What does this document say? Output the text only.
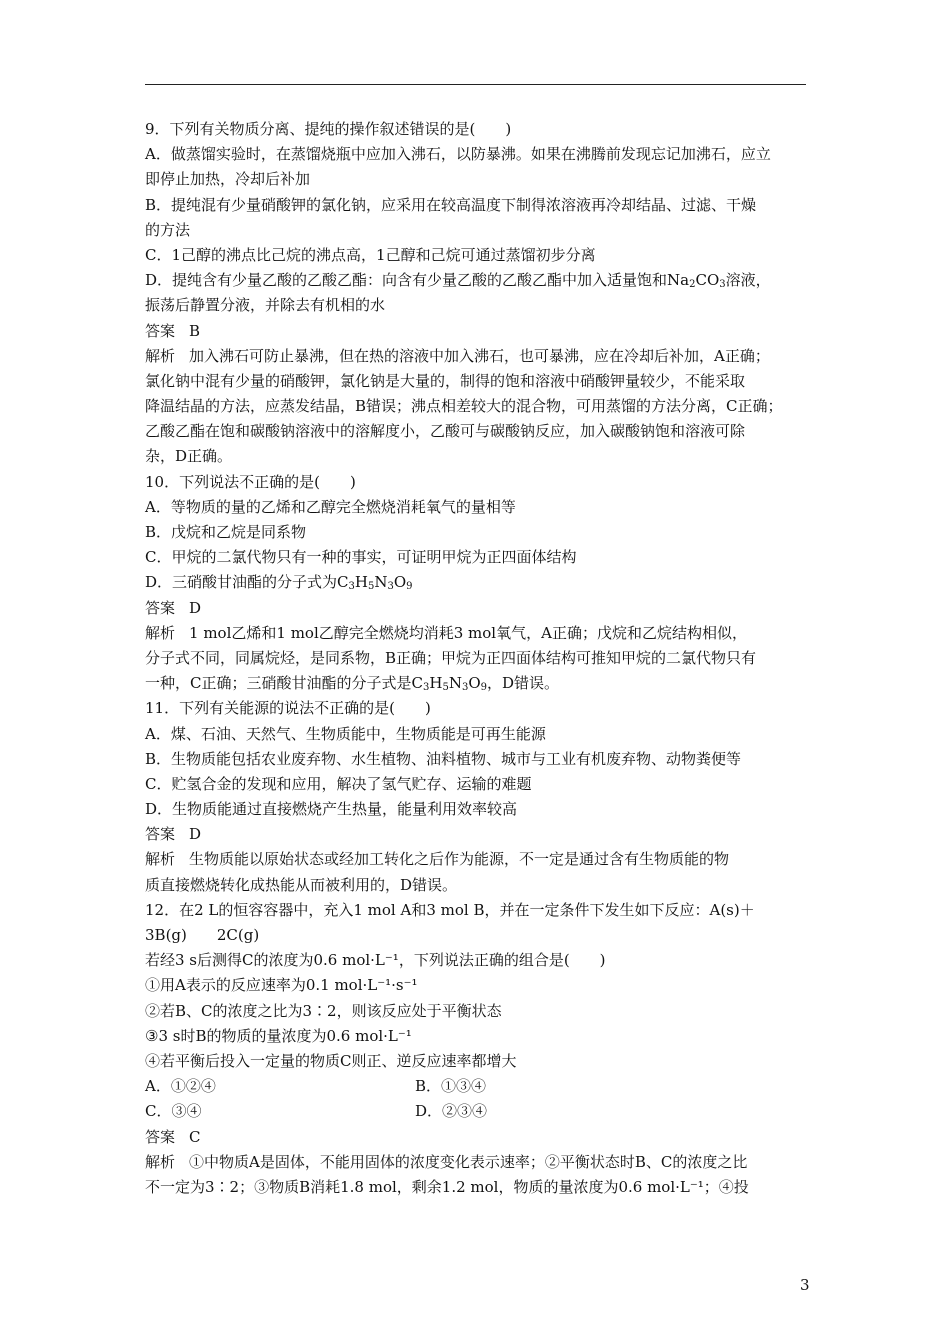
9．下列有关物质分离、提纯的操作叙述错误的是(　　)
A．做蒸馏实验时，在蒸馏烧瓶中应加入沸石，以防暴沸。如果在沸腾前发现忘记加沸石，应立
即停止加热，冷却后补加
B．提纯混有少量硝酸钾的氯化钠，应采用在较高温度下制得浓溶液再冷却结晶、过滤、干燥
的方法
C．1己醇的沸点比己烷的沸点高，1己醇和己烷可通过蒸馏初步分离
D．提纯含有少量乙酸的乙酸乙酯：向含有少量乙酸的乙酸乙酯中加入适量饱和$Na_2CO_3$溶液，
振荡后静置分液，并除去有机相的水
答案 B
解析 加入沸石可防止暴沸，但在热的溶液中加入沸石，也可暴沸，应在冷却后补加，A正确；
氯化钠中混有少量的硝酸钾，氯化钠是大量的，制得的饱和溶液中硝酸钾量较少，不能采取
降温结晶的方法，应蒸发结晶，B错误；沸点相差较大的混合物，可用蒸馏的方法分离，C正确；
乙酸乙酯在饱和碳酸钠溶液中的溶解度小，乙酸可与碳酸钠反应，加入碳酸钠饱和溶液可除
杂，D正确。
10．下列说法不正确的是(　　)
A．等物质的量的乙烯和乙醇完全燃烧消耗氧气的量相等
B．戊烷和乙烷是同系物
C．甲烷的二氯代物只有一种的事实，可证明甲烷为正四面体结构
D．三硝酸甘油酯的分子式为$C_3H_5N_3O_9$
答案 D
解析 1 mol乙烯和1 mol乙醇完全燃烧均消耗3 mol氧气，A正确；戊烷和乙烷结构相似，
分子式不同，同属烷烃，是同系物，B正确；甲烷为正四面体结构可推知甲烷的二氯代物只有
一种，C正确；三硝酸甘油酯的分子式是$C_3H_5N_3O_9$，D错误。
11．下列有关能源的说法不正确的是(　　)
A．煤、石油、天然气、生物质能中，生物质能是可再生能源
B．生物质能包括农业废弃物、水生植物、油料植物、城市与工业有机废弃物、动物粪便等
C．贮氢合金的发现和应用，解决了氢气贮存、运输的难题
D．生物质能通过直接燃烧产生热量，能量利用效率较高
答案 D
解析 生物质能以原始状态或经加工转化之后作为能源，不一定是通过含有生物质能的物
质直接燃烧转化成热能从而被利用的，D错误。
12．在2 L的恒容容器中，充入1 mol A和3 mol B，并在一定条件下发生如下反应：A(s)＋
3B(g)　　2C(g)
若经3 s后测得C的浓度为0.6 mol·L⁻¹，下列说法正确的组合是(　　)
①用A表示的反应速率为0.1 mol·L⁻¹·s⁻¹
②若B、C的浓度之比为3∶2，则该反应处于平衡状态
③3 s时B的物质的量浓度为0.6 mol·L⁻¹
④若平衡后投入一定量的物质C则正、逆反应速率都增大
A．①②④	B．①③④
C．③④	D．②③④
答案 C
解析 ①中物质A是固体，不能用固体的浓度变化表示速率；②平衡状态时B、C的浓度之比
不一定为3∶2；③物质B消耗1.8 mol，剩余1.2 mol，物质的量浓度为0.6 mol·L⁻¹；④投
3
